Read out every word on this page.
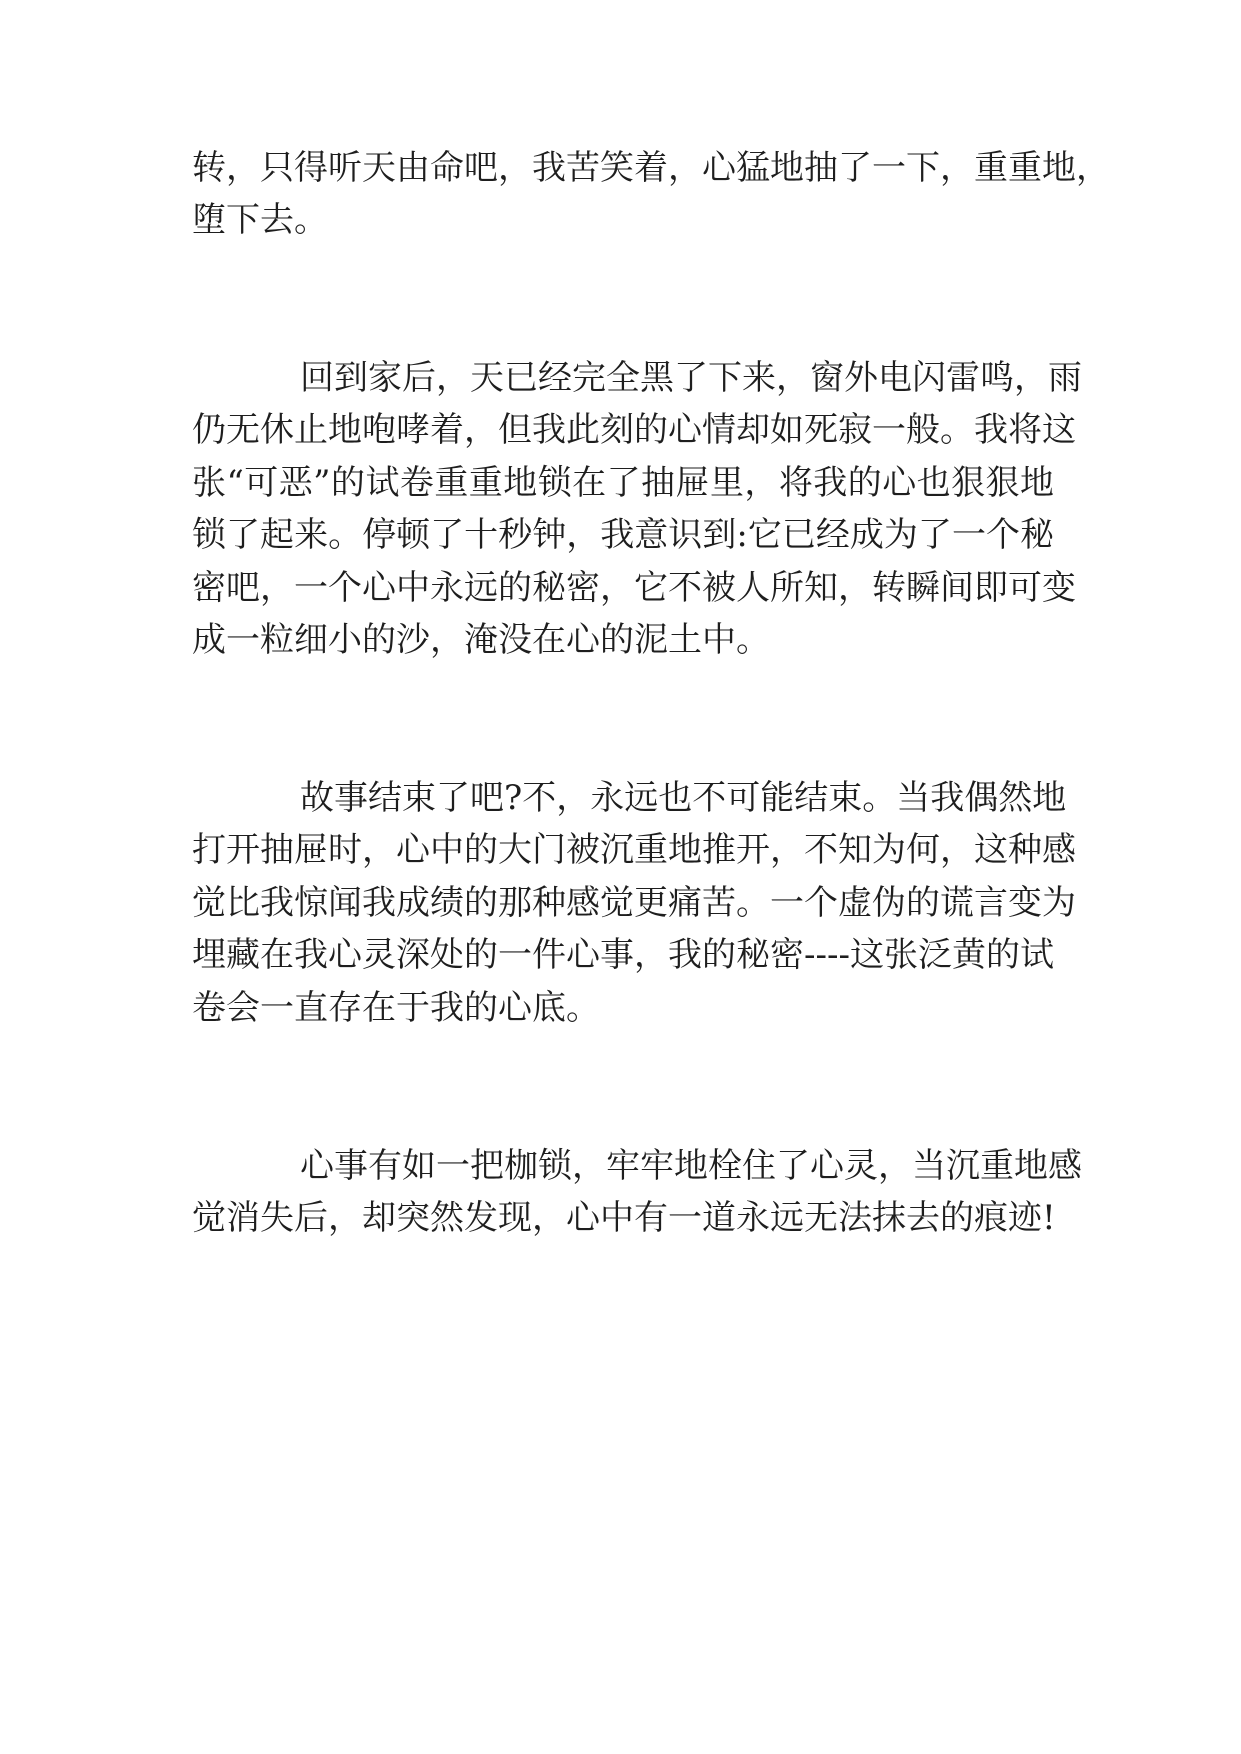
转，只得听天由命吧，我苦笑着，心猛地抽了一下，重重地，

堕下去。

回到家后，天已经完全黑了下来，窗外电闪雷鸣，雨

仍无休止地咆哮着，但我此刻的心情却如死寂一般。我将这

张“可恶”的试卷重重地锁在了抽屉里，将我的心也狠狠地

锁了起来。停顿了十秒钟，我意识到:它已经成为了一个秘

密吧，一个心中永远的秘密，它不被人所知，转瞬间即可变

成一粒细小的沙，淹没在心的泥土中。

故事结束了吧?不，永远也不可能结束。当我偶然地

打开抽屉时，心中的大门被沉重地推开，不知为何，这种感

觉比我惊闻我成绩的那种感觉更痛苦。一个虚伪的谎言变为

埋藏在我心灵深处的一件心事，我的秘密----这张泛黄的试

卷会一直存在于我的心底。

心事有如一把枷锁，牢牢地栓住了心灵，当沉重地感

觉消失后，却突然发现，心中有一道永远无法抹去的痕迹!
